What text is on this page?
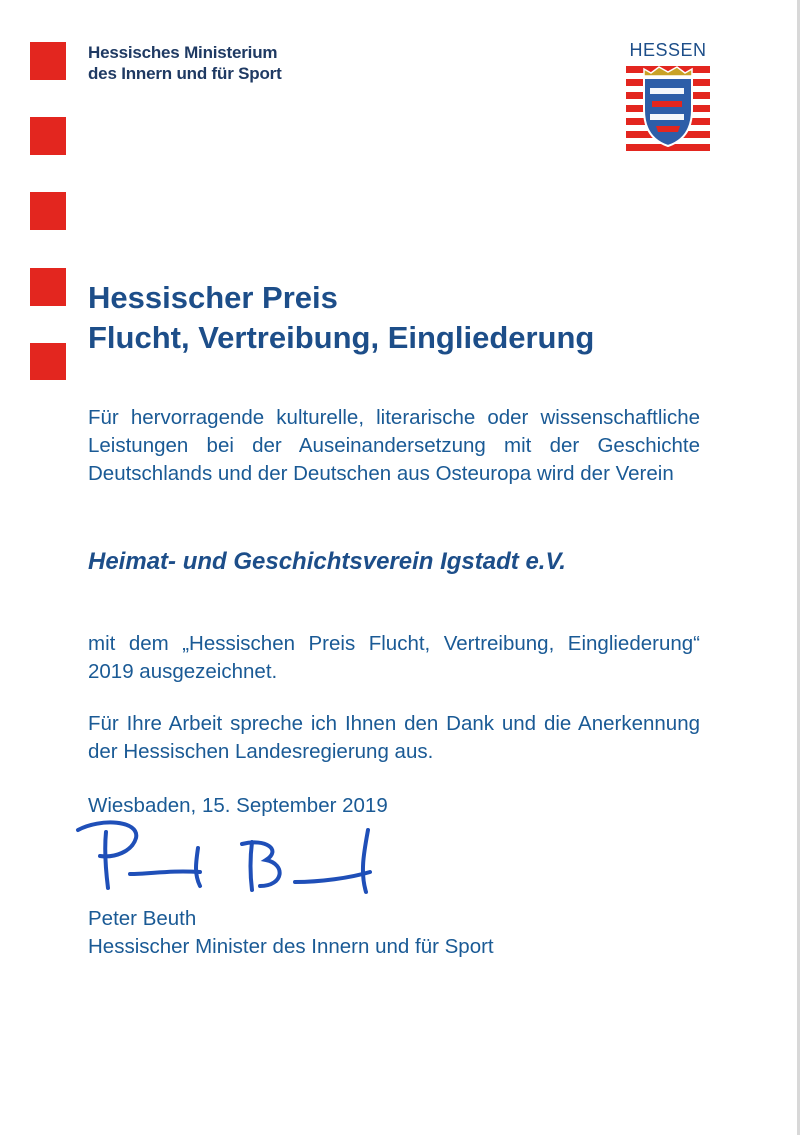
Hessisches Ministerium
des Innern und für Sport
HESSEN
Hessischer Preis
Flucht, Vertreibung, Eingliederung
Für hervorragende kulturelle, literarische oder wissenschaftliche Leistungen bei der Auseinandersetzung mit der Geschichte Deutschlands und der Deutschen aus Osteuropa wird der Verein
Heimat- und Geschichtsverein Igstadt e.V.
mit dem „Hessischen Preis Flucht, Vertreibung, Eingliederung“ 2019 ausgezeichnet.
Für Ihre Arbeit spreche ich Ihnen den Dank und die Anerkennung der Hessischen Landesregierung aus.
Wiesbaden, 15. September 2019
Peter Beuth
Hessischer Minister des Innern und für Sport
